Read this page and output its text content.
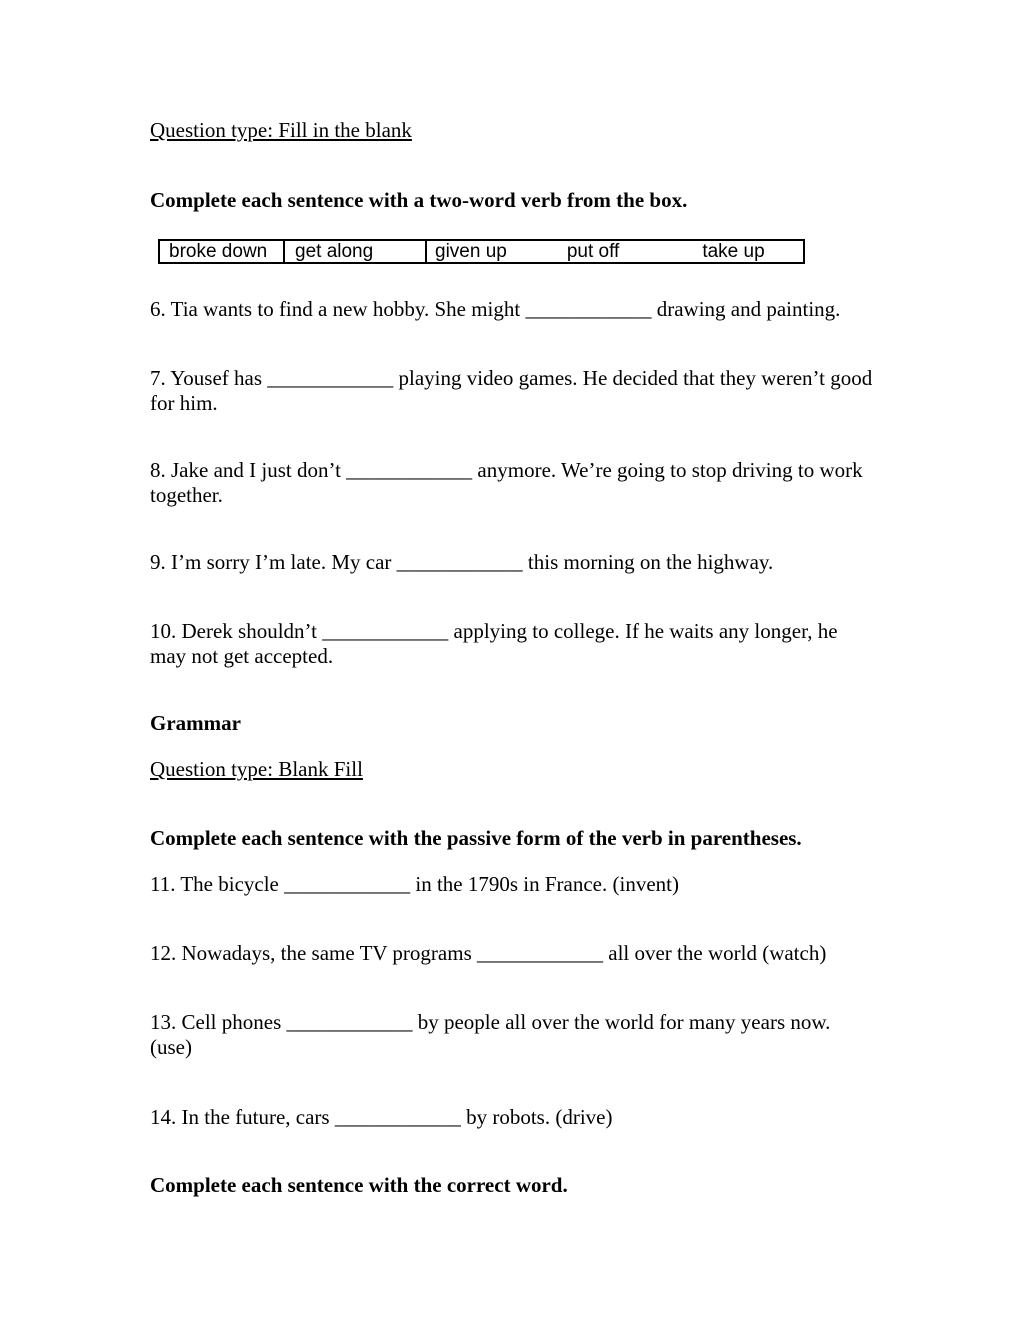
Question type: Fill in the blank

Complete each sentence with a two-word verb from the box.

broke down	get along	given up	put off	take up

6. Tia wants to find a new hobby. She might ____________ drawing and painting.

7. Yousef has ____________ playing video games. He decided that they weren’t good for him.

8. Jake and I just don’t ____________ anymore. We’re going to stop driving to work together.

9. I’m sorry I’m late. My car ____________ this morning on the highway.

10. Derek shouldn’t ____________ applying to college. If he waits any longer, he may not get accepted.

Grammar

Question type: Blank Fill

Complete each sentence with the passive form of the verb in parentheses.

11. The bicycle ____________ in the 1790s in France. (invent)

12. Nowadays, the same TV programs ____________ all over the world (watch)

13. Cell phones ____________ by people all over the world for many years now. (use)

14. In the future, cars ____________ by robots. (drive)

Complete each sentence with the correct word.
